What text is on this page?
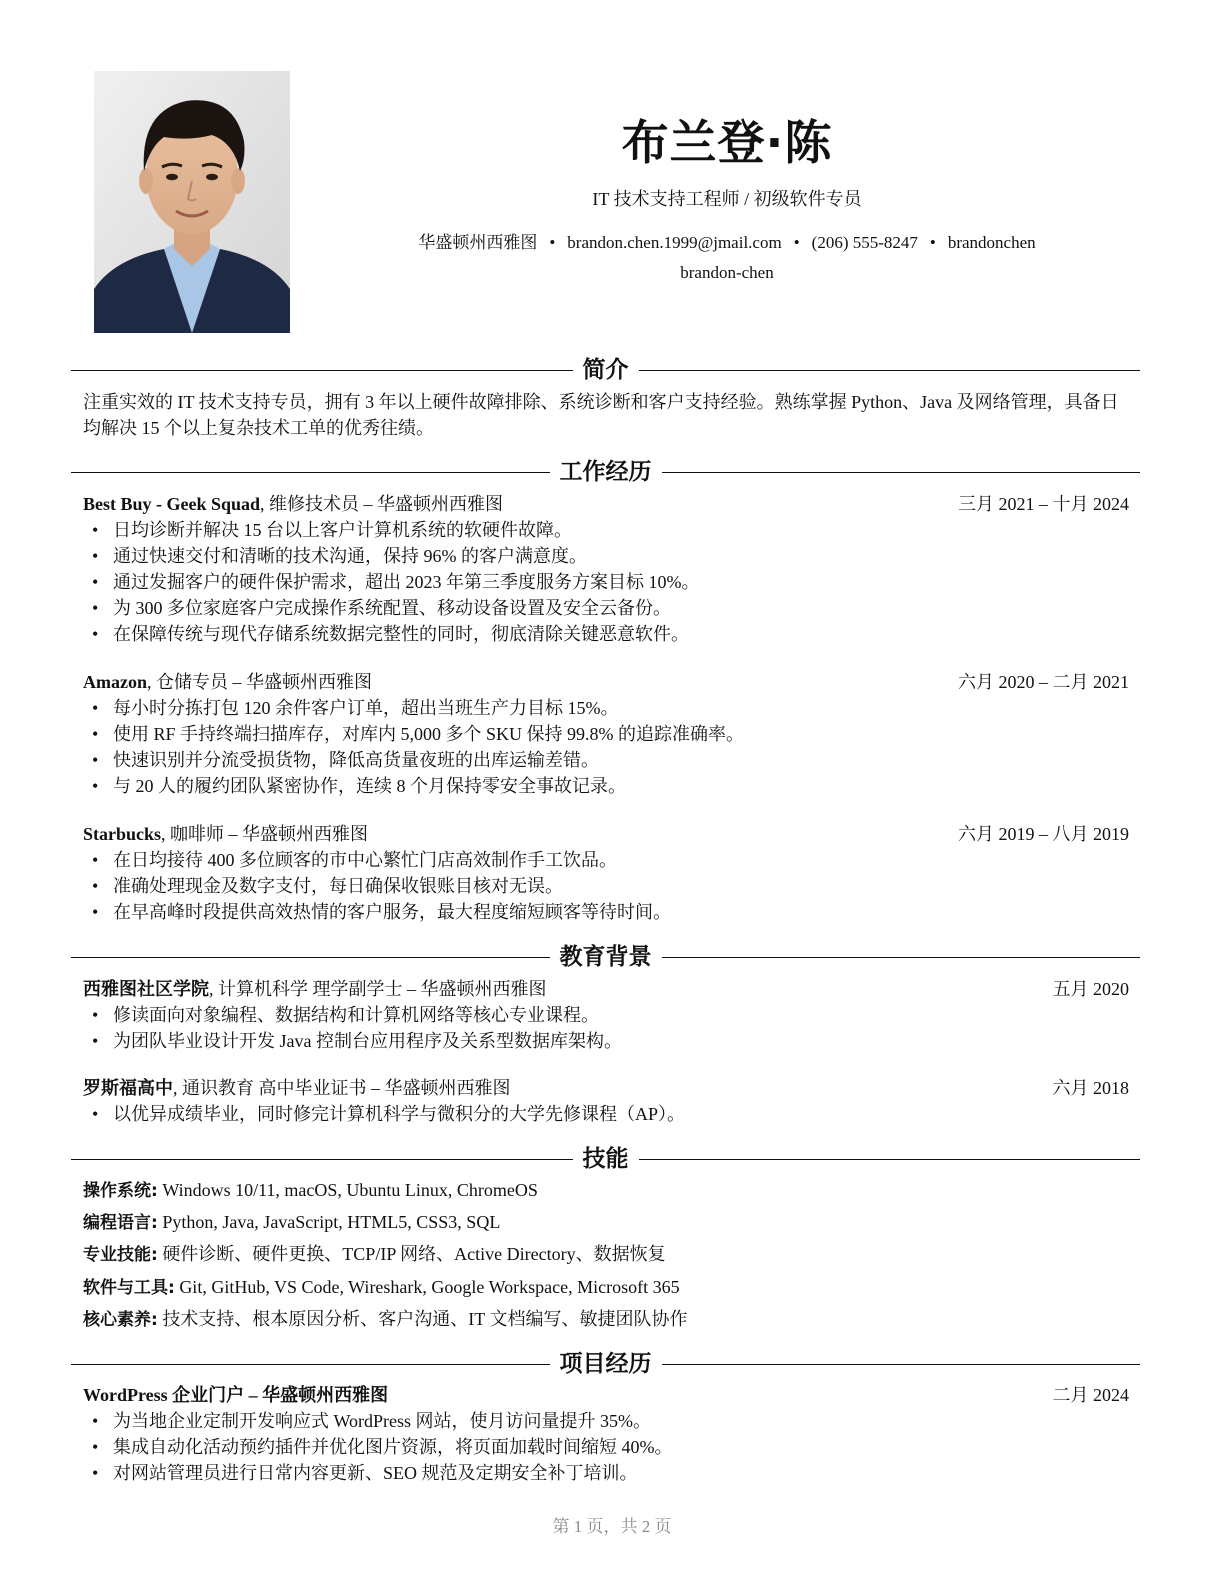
布兰登·陈
IT 技术支持工程师 / 初级软件专员
华盛顿州西雅图 • brandon.chen.1999@jmail.com • (206) 555-8247 • brandonchen
brandon-chen
简介
注重实效的 IT 技术支持专员，拥有 3 年以上硬件故障排除、系统诊断和客户支持经验。熟练掌握 Python、Java 及网络管理，具备日均解决 15 个以上复杂技术工单的优秀往绩。
工作经历
Best Buy - Geek Squad, 维修技术员 – 华盛顿州西雅图	三月 2021 – 十月 2024
• 日均诊断并解决 15 台以上客户计算机系统的软硬件故障。
• 通过快速交付和清晰的技术沟通，保持 96% 的客户满意度。
• 通过发掘客户的硬件保护需求，超出 2023 年第三季度服务方案目标 10%。
• 为 300 多位家庭客户完成操作系统配置、移动设备设置及安全云备份。
• 在保障传统与现代存储系统数据完整性的同时，彻底清除关键恶意软件。
Amazon, 仓储专员 – 华盛顿州西雅图	六月 2020 – 二月 2021
• 每小时分拣打包 120 余件客户订单，超出当班生产力目标 15%。
• 使用 RF 手持终端扫描库存，对库内 5,000 多个 SKU 保持 99.8% 的追踪准确率。
• 快速识别并分流受损货物，降低高货量夜班的出库运输差错。
• 与 20 人的履约团队紧密协作，连续 8 个月保持零安全事故记录。
Starbucks, 咖啡师 – 华盛顿州西雅图	六月 2019 – 八月 2019
• 在日均接待 400 多位顾客的市中心繁忙门店高效制作手工饮品。
• 准确处理现金及数字支付，每日确保收银账目核对无误。
• 在早高峰时段提供高效热情的客户服务，最大程度缩短顾客等待时间。
教育背景
西雅图社区学院, 计算机科学 理学副学士 – 华盛顿州西雅图	五月 2020
• 修读面向对象编程、数据结构和计算机网络等核心专业课程。
• 为团队毕业设计开发 Java 控制台应用程序及关系型数据库架构。
罗斯福高中, 通识教育 高中毕业证书 – 华盛顿州西雅图	六月 2018
• 以优异成绩毕业，同时修完计算机科学与微积分的大学先修课程（AP）。
技能
操作系统: Windows 10/11, macOS, Ubuntu Linux, ChromeOS
编程语言: Python, Java, JavaScript, HTML5, CSS3, SQL
专业技能: 硬件诊断、硬件更换、TCP/IP 网络、Active Directory、数据恢复
软件与工具: Git, GitHub, VS Code, Wireshark, Google Workspace, Microsoft 365
核心素养: 技术支持、根本原因分析、客户沟通、IT 文档编写、敏捷团队协作
项目经历
WordPress 企业门户 – 华盛顿州西雅图	二月 2024
• 为当地企业定制开发响应式 WordPress 网站，使月访问量提升 35%。
• 集成自动化活动预约插件并优化图片资源，将页面加载时间缩短 40%。
• 对网站管理员进行日常内容更新、SEO 规范及定期安全补丁培训。
第 1 页，共 2 页
